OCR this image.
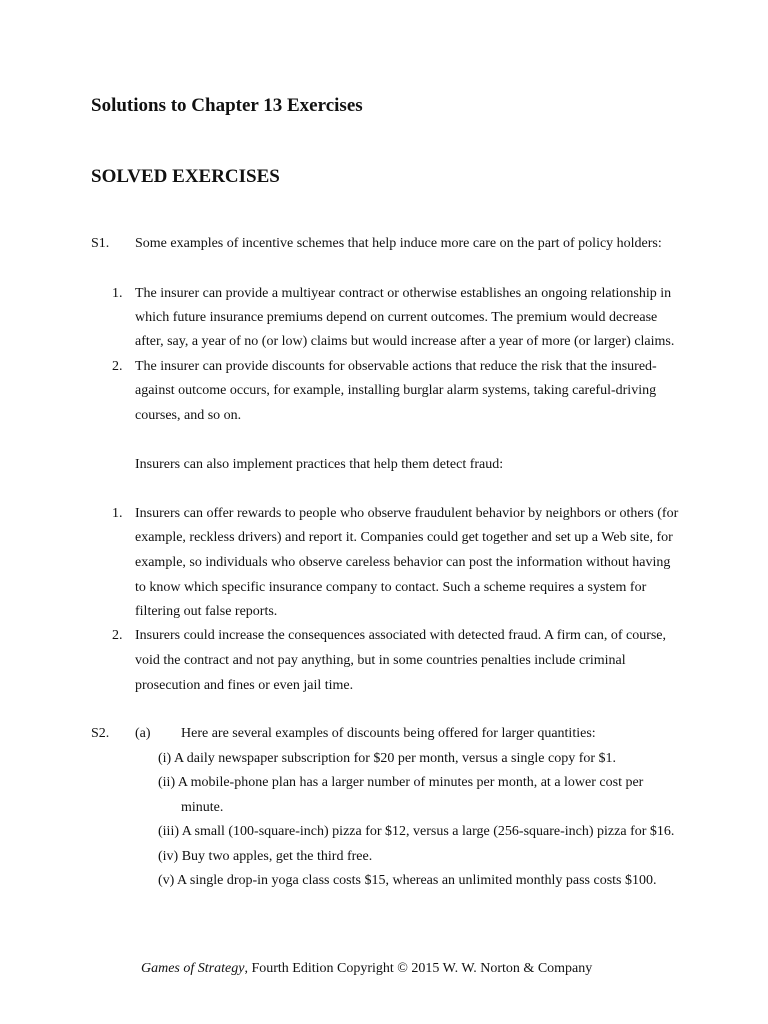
Solutions to Chapter 13 Exercises
SOLVED EXERCISES
S1. Some examples of incentive schemes that help induce more care on the part of policy holders:
1. The insurer can provide a multiyear contract or otherwise establishes an ongoing relationship in
which future insurance premiums depend on current outcomes. The premium would decrease
after, say, a year of no (or low) claims but would increase after a year of more (or larger) claims.
2. The insurer can provide discounts for observable actions that reduce the risk that the insured-
against outcome occurs, for example, installing burglar alarm systems, taking careful-driving
courses, and so on.
Insurers can also implement practices that help them detect fraud:
1. Insurers can offer rewards to people who observe fraudulent behavior by neighbors or others (for
example, reckless drivers) and report it. Companies could get together and set up a Web site, for
example, so individuals who observe careless behavior can post the information without having
to know which specific insurance company to contact. Such a scheme requires a system for
filtering out false reports.
2. Insurers could increase the consequences associated with detected fraud. A firm can, of course,
void the contract and not pay anything, but in some countries penalties include criminal
prosecution and fines or even jail time.
S2. (a) Here are several examples of discounts being offered for larger quantities:
(i) A daily newspaper subscription for $20 per month, versus a single copy for $1.
(ii) A mobile-phone plan has a larger number of minutes per month, at a lower cost per
minute.
(iii) A small (100-square-inch) pizza for $12, versus a large (256-square-inch) pizza for $16.
(iv) Buy two apples, get the third free.
(v) A single drop-in yoga class costs $15, whereas an unlimited monthly pass costs $100.
Games of Strategy, Fourth Edition Copyright © 2015 W. W. Norton & Company
